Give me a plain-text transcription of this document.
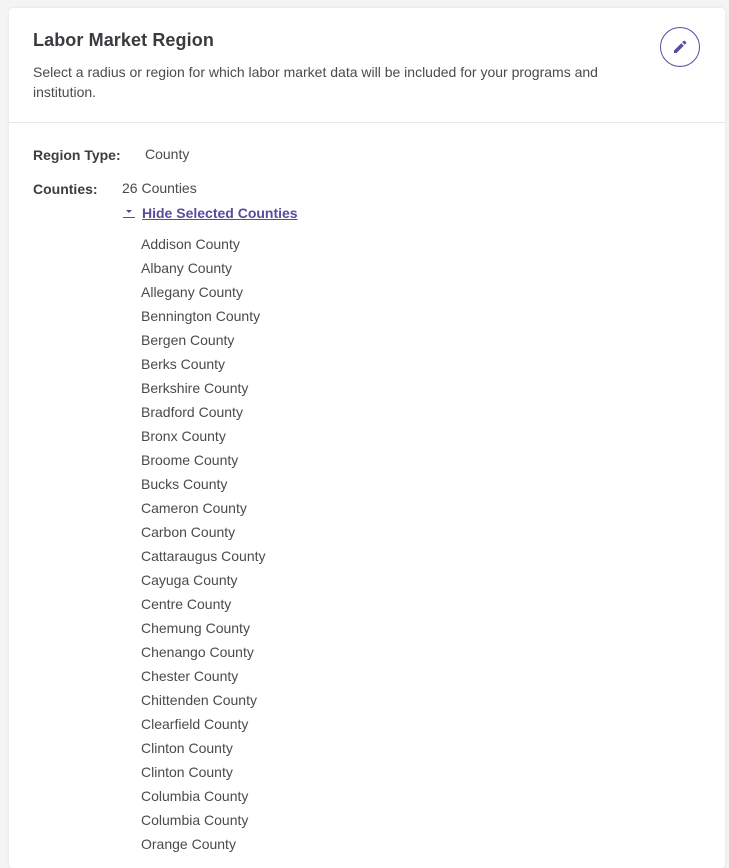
Labor Market Region

Select a radius or region for which labor market data will be included for your programs and institution.

Region Type: County
Counties: 26 Counties
Hide Selected Counties
Addison County
Albany County
Allegany County
Bennington County
Bergen County
Berks County
Berkshire County
Bradford County
Bronx County
Broome County
Bucks County
Cameron County
Carbon County
Cattaraugus County
Cayuga County
Centre County
Chemung County
Chenango County
Chester County
Chittenden County
Clearfield County
Clinton County
Clinton County
Columbia County
Columbia County
Orange County
